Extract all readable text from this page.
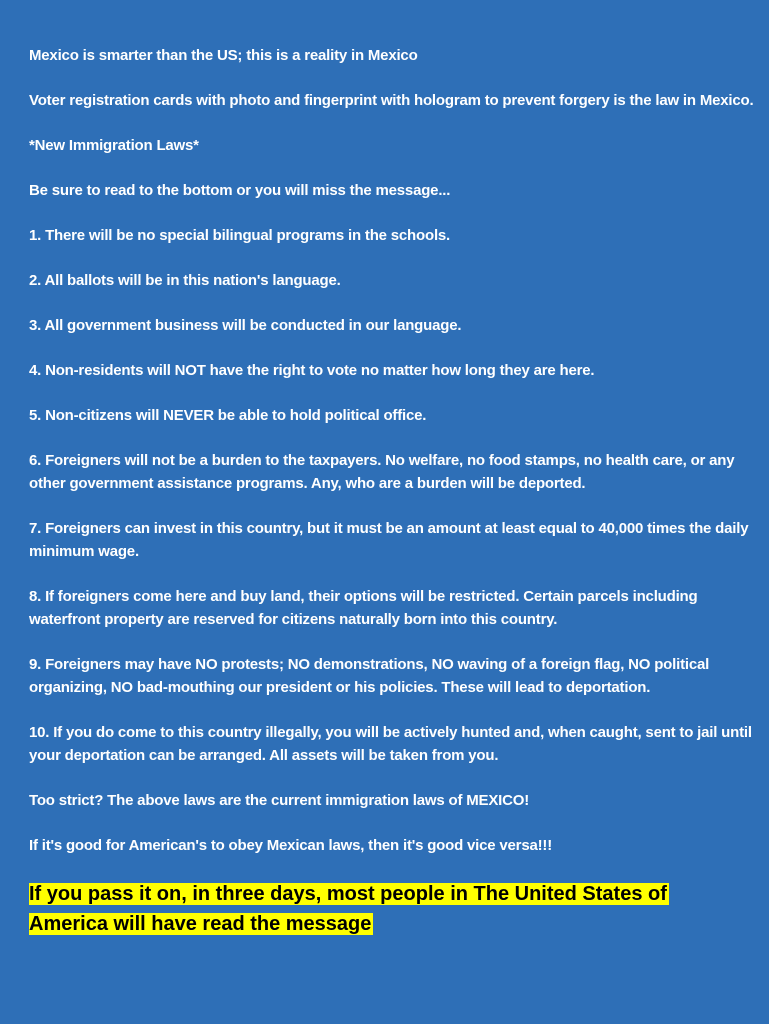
Mexico is smarter than the US; this is a reality in Mexico

Voter registration cards with photo and fingerprint with hologram to prevent forgery is the law in Mexico.

*New Immigration Laws*

Be sure to read to the bottom or you will miss the message...

1. There will be no special bilingual programs in the schools.

2. All ballots will be in this nation's language.

3. All government business will be conducted in our language.

4. Non-residents will NOT have the right to vote no matter how long they are here.

5. Non-citizens will NEVER be able to hold political office.

6. Foreigners will not be a burden to the taxpayers. No welfare, no food stamps, no health care, or any other government assistance programs. Any, who are a burden will be deported.

7. Foreigners can invest in this country, but it must be an amount at least equal to 40,000 times the daily minimum wage.

8. If foreigners come here and buy land, their options will be restricted. Certain parcels including waterfront property are reserved for citizens naturally born into this country.

9. Foreigners may have NO protests; NO demonstrations, NO waving of a foreign flag, NO political organizing, NO bad-mouthing our president or his policies. These will lead to deportation.

10. If you do come to this country illegally, you will be actively hunted and, when caught, sent to jail until your deportation can be arranged. All assets will be taken from you.

Too strict? The above laws are the current immigration laws of MEXICO!

If it's good for American's to obey Mexican laws, then it's good vice versa!!!

If you pass it on, in three days, most people in The United States of America will have read the message
